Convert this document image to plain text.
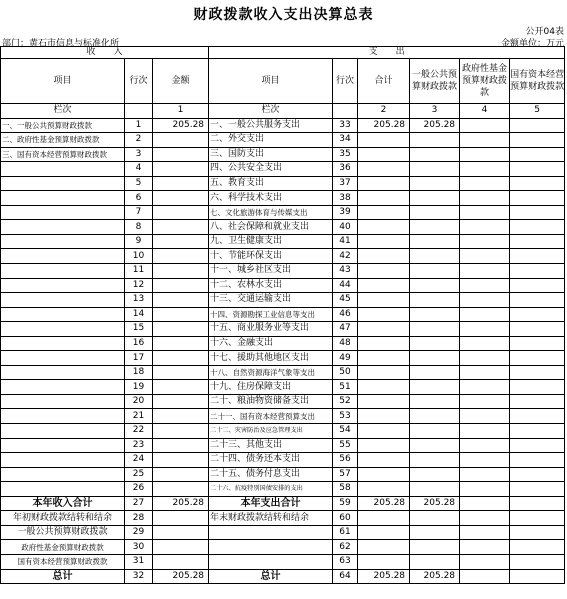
财政拨款收入支出决算总表
公开04表
部门：黄石市信息与标准化所	金额单位：万元
收　　入			支　　出					
项目	行次	金额	项目	行次	合计	一般公共预算财政拨款	政府性基金预算财政拨款	国有资本经营预算财政拨款
栏次		1	栏次		2	3	4	5
一、一般公共预算财政拨款	1	205.28	一、一般公共服务支出	33	205.28	205.28		
二、政府性基金预算财政拨款	2		二、外交支出	34				
三、国有资本经营预算财政拨款	3		三、国防支出	35				
	4		四、公共安全支出	36				
	5		五、教育支出	37				
	6		六、科学技术支出	38				
	7		七、文化旅游体育与传媒支出	39				
	8		八、社会保障和就业支出	40				
	9		九、卫生健康支出	41				
	10		十、节能环保支出	42				
	11		十一、城乡社区支出	43				
	12		十二、农林水支出	44				
	13		十三、交通运输支出	45				
	14		十四、资源勘探工业信息等支出	46				
	15		十五、商业服务业等支出	47				
	16		十六、金融支出	48				
	17		十七、援助其他地区支出	49				
	18		十八、自然资源海洋气象等支出	50				
	19		十九、住房保障支出	51				
	20		二十、粮油物资储备支出	52				
	21		二十一、国有资本经营预算支出	53				
	22		二十二、灾害防治及应急管理支出	54				
	23		二十三、其他支出	55				
	24		二十四、债务还本支出	56				
	25		二十五、债务付息支出	57				
	26		二十六、抗疫特别国债安排的支出	58				
本年收入合计	27	205.28	本年支出合计	59	205.28	205.28		
年初财政拨款结转和结余	28		年末财政拨款结转和结余	60				
一般公共预算财政拨款	29			61				
政府性基金预算财政拨款	30			62				
国有资本经营预算财政拨款	31			63				
总计	32	205.28	总计	64	205.28	205.28		
